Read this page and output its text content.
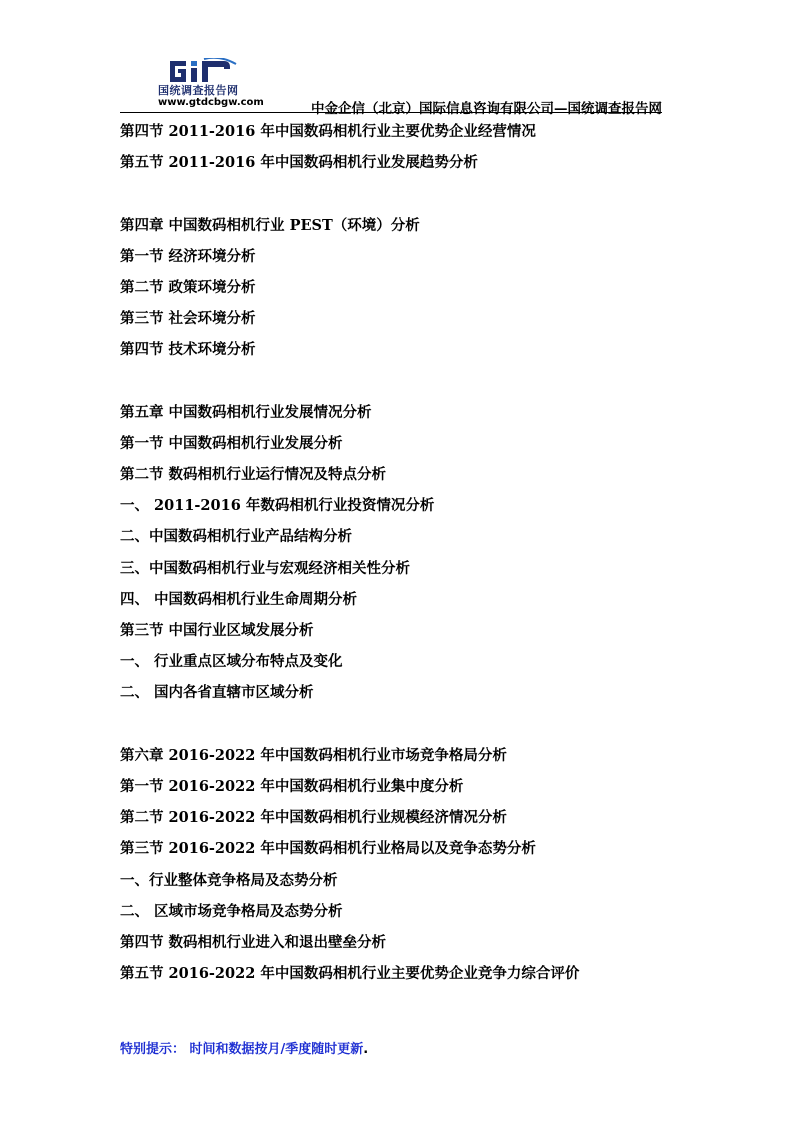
国统调查报告网
www.gtdcbgw.com	中金企信（北京）国际信息咨询有限公司—国统调查报告网
第四节 2011-2016 年中国数码相机行业主要优势企业经营情况
第五节 2011-2016 年中国数码相机行业发展趋势分析
第四章 中国数码相机行业 PEST（环境）分析
第一节 经济环境分析
第二节 政策环境分析
第三节 社会环境分析
第四节 技术环境分析
第五章 中国数码相机行业发展情况分析
第一节 中国数码相机行业发展分析
第二节 数码相机行业运行情况及特点分析
一、 2011-2016 年数码相机行业投资情况分析
二、中国数码相机行业产品结构分析
三、中国数码相机行业与宏观经济相关性分析
四、 中国数码相机行业生命周期分析
第三节 中国行业区域发展分析
一、 行业重点区域分布特点及变化
二、 国内各省直辖市区域分析
第六章 2016-2022 年中国数码相机行业市场竞争格局分析
第一节 2016-2022 年中国数码相机行业集中度分析
第二节 2016-2022 年中国数码相机行业规模经济情况分析
第三节 2016-2022 年中国数码相机行业格局以及竞争态势分析
一、行业整体竞争格局及态势分析
二、 区域市场竞争格局及态势分析
第四节 数码相机行业进入和退出壁垒分析
第五节 2016-2022 年中国数码相机行业主要优势企业竞争力综合评价
特别提示： 时间和数据按月/季度随时更新.
